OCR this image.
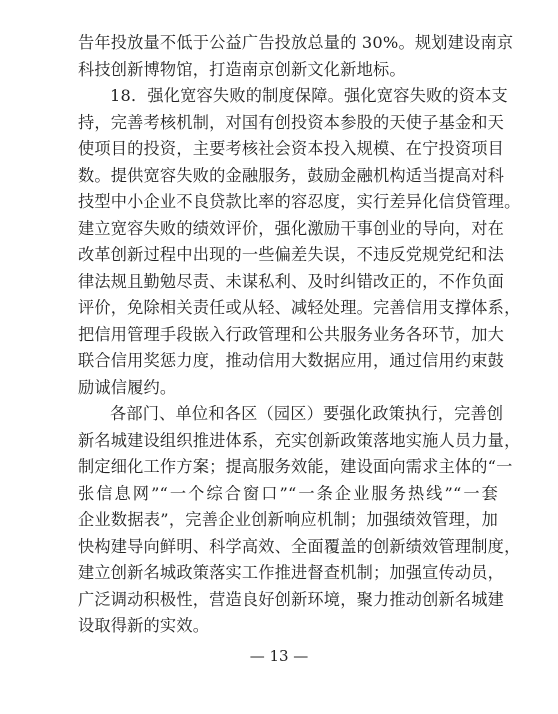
告年投放量不低于公益广告投放总量的 30%。规划建设南京
科技创新博物馆，打造南京创新文化新地标。
18．强化宽容失败的制度保障。强化宽容失败的资本支
持，完善考核机制，对国有创投资本参股的天使子基金和天
使项目的投资，主要考核社会资本投入规模、在宁投资项目
数。提供宽容失败的金融服务，鼓励金融机构适当提高对科
技型中小企业不良贷款比率的容忍度，实行差异化信贷管理。
建立宽容失败的绩效评价，强化激励干事创业的导向，对在
改革创新过程中出现的一些偏差失误，不违反党规党纪和法
律法规且勤勉尽责、未谋私利、及时纠错改正的，不作负面
评价，免除相关责任或从轻、减轻处理。完善信用支撑体系，
把信用管理手段嵌入行政管理和公共服务业务各环节，加大
联合信用奖惩力度，推动信用大数据应用，通过信用约束鼓
励诚信履约。
各部门、单位和各区（园区）要强化政策执行，完善创
新名城建设组织推进体系，充实创新政策落地实施人员力量，
制定细化工作方案；提高服务效能，建设面向需求主体的“一
张信息网”“一个综合窗口”“一条企业服务热线”“一套
企业数据表”，完善企业创新响应机制；加强绩效管理，加
快构建导向鲜明、科学高效、全面覆盖的创新绩效管理制度，
建立创新名城政策落实工作推进督查机制；加强宣传动员，
广泛调动积极性，营造良好创新环境，聚力推动创新名城建
设取得新的实效。
— 13 —
